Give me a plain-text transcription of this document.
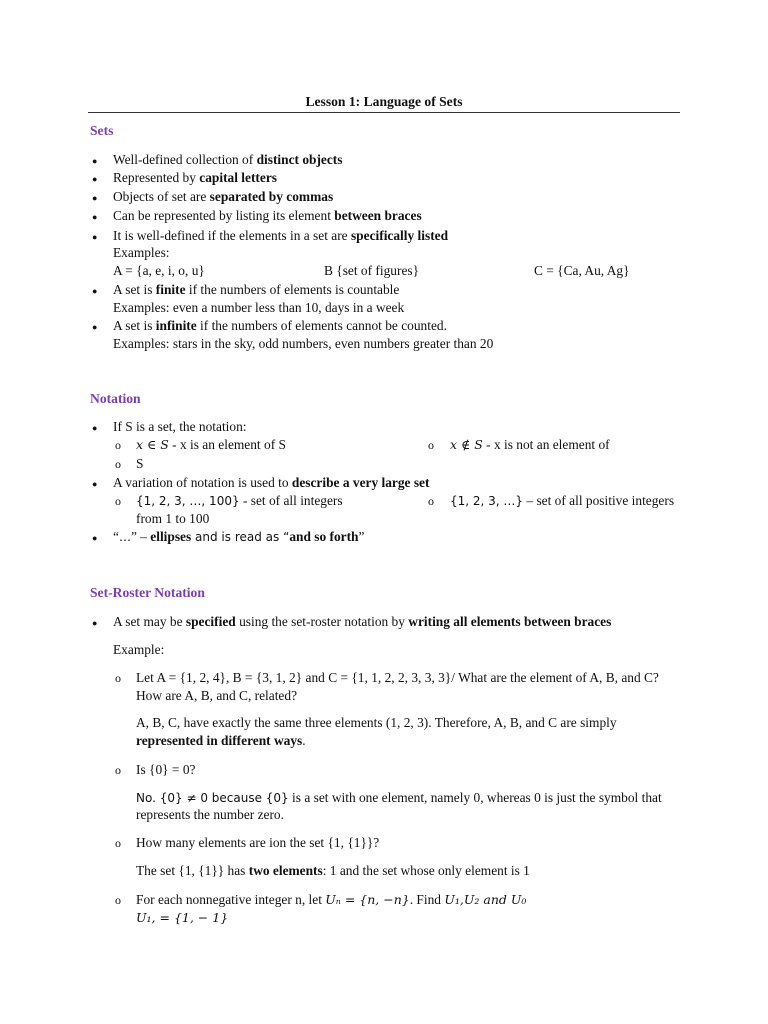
Lesson 1: Language of Sets
Sets
● Well-defined collection of distinct objects
● Represented by capital letters
● Objects of set are separated by commas
● Can be represented by listing its element between braces
● It is well-defined if the elements in a set are specifically listed
Examples:
A = {a, e, i, o, u}	B {set of figures}	C = {Ca, Au, Ag}
● A set is finite if the numbers of elements is countable
Examples: even a number less than 10, days in a week
● A set is infinite if the numbers of elements cannot be counted.
Examples: stars in the sky, odd numbers, even numbers greater than 20
Notation
● If S is a set, the notation:
o x ∈ S - x is an element of S	o x ∉ S - x is not an element of
o S
● A variation of notation is used to describe a very large set
o {1, 2, 3, …, 100} - set of all integers
from 1 to 100
o {1, 2, 3, …} – set of all positive integers
● “…” – ellipses and is read as “and so forth”
Set-Roster Notation
● A set may be specified using the set-roster notation by writing all elements between braces
Example:
o Let A = {1, 2, 4}, B = {3, 1, 2} and C = {1, 1, 2, 2, 3, 3, 3}/ What are the element of A, B, and C?
How are A, B, and C, related?
A, B, C, have exactly the same three elements (1, 2, 3). Therefore, A, B, and C are simply
represented in different ways.
o Is {0} = 0?
No. {0} ≠ 0 because {0} is a set with one element, namely 0, whereas 0 is just the symbol that
represents the number zero.
o How many elements are ion the set {1, {1}}?
The set {1, {1}} has two elements: 1 and the set whose only element is 1
o For each nonnegative integer n, let Uₙ = {n, −n}. Find U₁,U₂ and U₀
U₁, = {1, − 1}
